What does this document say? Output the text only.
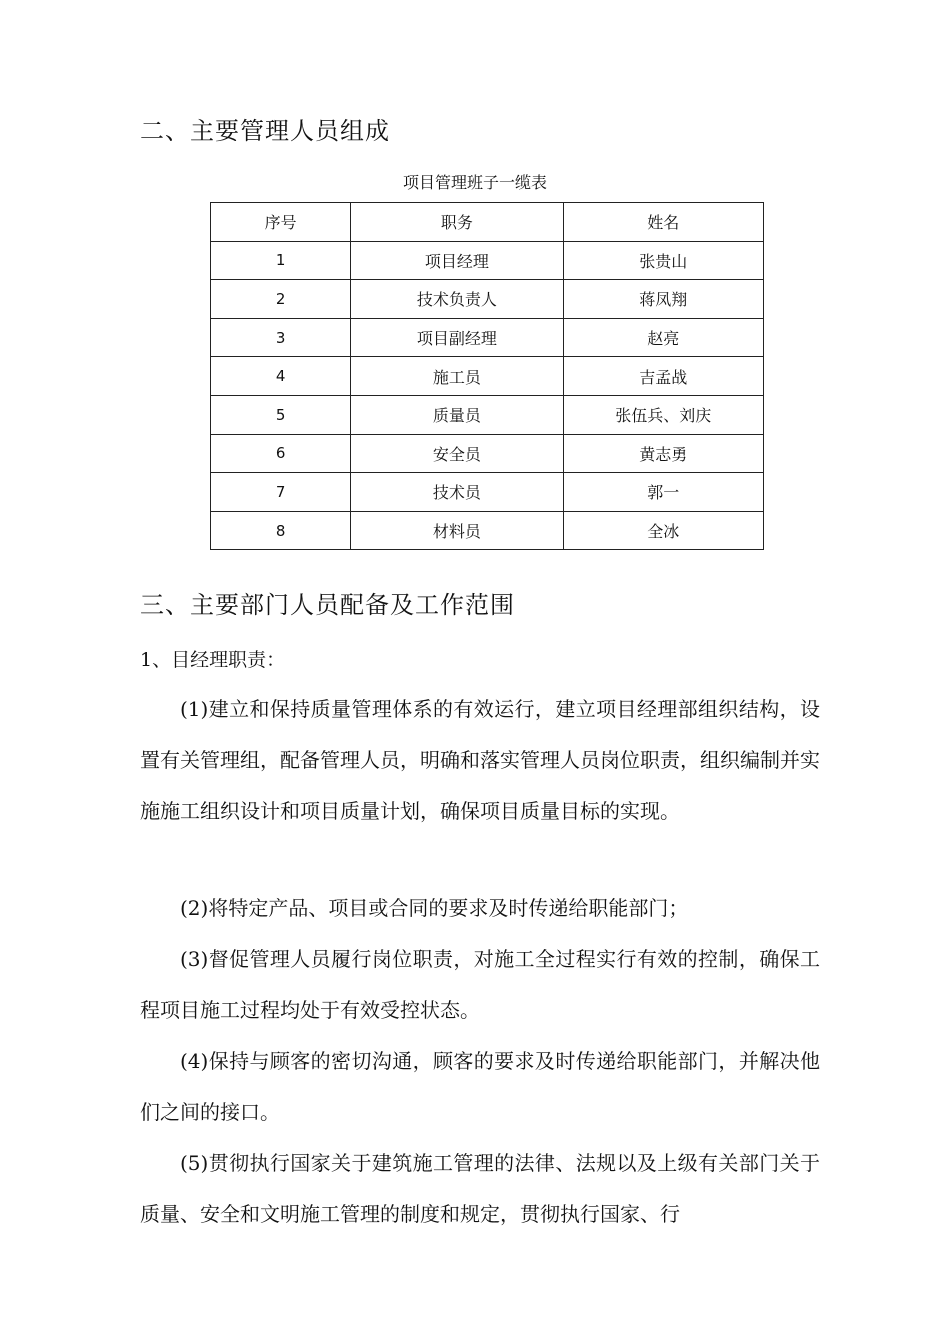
二、主要管理人员组成
项目管理班子一缆表
序号	职务	姓名
1	项目经理	张贵山
2	技术负责人	蒋凤翔
3	项目副经理	赵亮
4	施工员	吉孟战
5	质量员	张伍兵、刘庆
6	安全员	黄志勇
7	技术员	郭一
8	材料员	全冰
三、主要部门人员配备及工作范围
1、目经理职责：

(1)建立和保持质量管理体系的有效运行，建立项目经理部组织结构，设置有关管理组，配备管理人员，明确和落实管理人员岗位职责，组织编制并实施施工组织设计和项目质量计划，确保项目质量目标的实现。

(2)将特定产品、项目或合同的要求及时传递给职能部门；

(3)督促管理人员履行岗位职责，对施工全过程实行有效的控制，确保工程项目施工过程均处于有效受控状态。

(4)保持与顾客的密切沟通，顾客的要求及时传递给职能部门，并解决他们之间的接口。

(5)贯彻执行国家关于建筑施工管理的法律、法规以及上级有关部门关于质量、安全和文明施工管理的制度和规定，贯彻执行国家、行
